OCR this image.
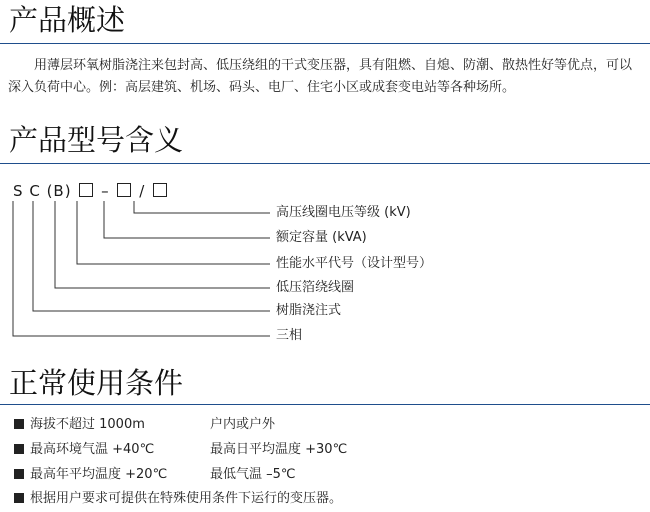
产品概述
用薄层环氧树脂浇注来包封高、低压绕组的干式变压器，具有阻燃、自熄、防潮、散热性好等优点，可以深入负荷中心。例：高层建筑、机场、码头、电厂、住宅小区或成套变电站等各种场所。
产品型号含义
S C (B) – /
高压线圈电压等级 (kV)
额定容量 (kVA)
性能水平代号（设计型号）
低压箔绕线圈
树脂浇注式
三相
正常使用条件
海拔不超过 1000m	户内或户外
最高环境气温 +40℃	最高日平均温度 +30℃
最高年平均温度 +20℃	最低气温 –5℃
根据用户要求可提供在特殊使用条件下运行的变压器。
